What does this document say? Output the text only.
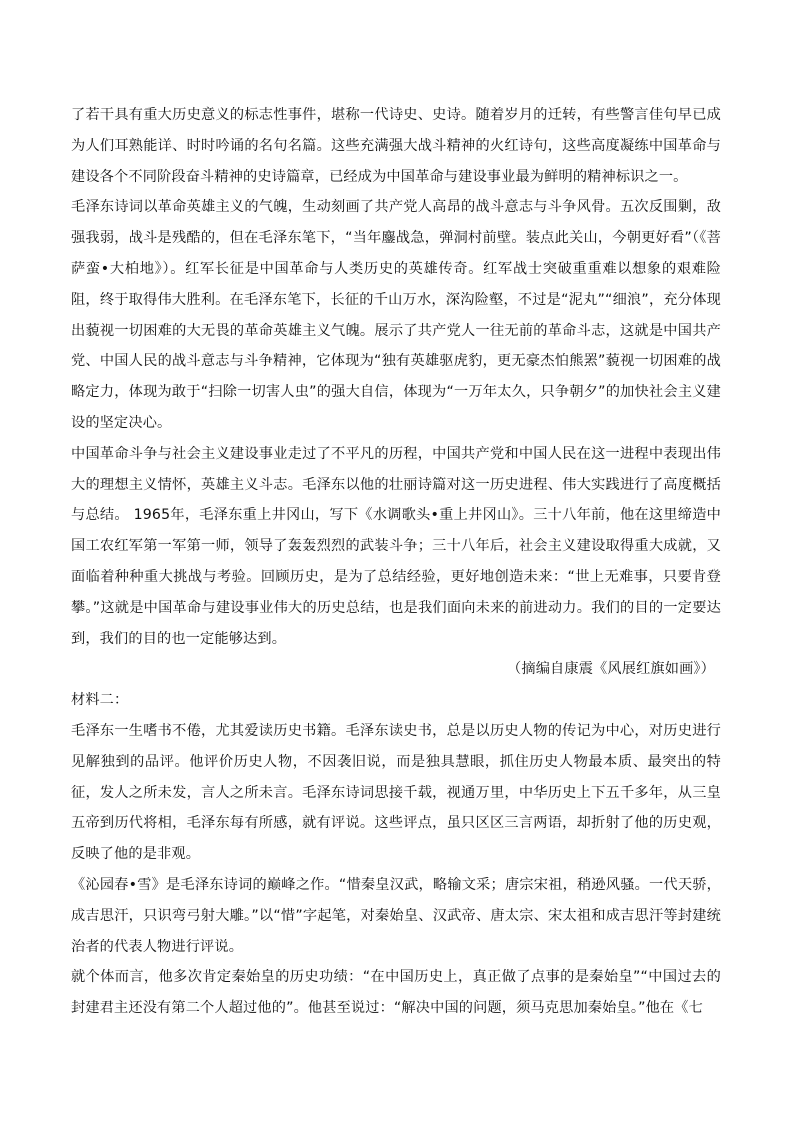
了若干具有重大历史意义的标志性事件，堪称一代诗史、史诗。随着岁月的迁转，有些警言佳句早已成为人们耳熟能详、时时吟诵的名句名篇。这些充满强大战斗精神的火红诗句，这些高度凝练中国革命与建设各个不同阶段奋斗精神的史诗篇章，已经成为中国革命与建设事业最为鲜明的精神标识之一。

毛泽东诗词以革命英雄主义的气魄，生动刻画了共产党人高昂的战斗意志与斗争风骨。五次反围剿，敌强我弱，战斗是残酷的，但在毛泽东笔下，“当年鏖战急，弹洞村前壁。装点此关山，今朝更好看”（《菩萨蛮•大柏地》）。红军长征是中国革命与人类历史的英雄传奇。红军战士突破重重难以想象的艰难险阻，终于取得伟大胜利。在毛泽东笔下，长征的千山万水，深沟险壑，不过是“泥丸”“细浪”，充分体现出藐视一切困难的大无畏的革命英雄主义气魄。展示了共产党人一往无前的革命斗志，这就是中国共产党、中国人民的战斗意志与斗争精神，它体现为“独有英雄驱虎豹，更无豪杰怕熊罴”藐视一切困难的战略定力，体现为敢于“扫除一切害人虫”的强大自信，体现为“一万年太久，只争朝夕”的加快社会主义建设的坚定决心。

中国革命斗争与社会主义建设事业走过了不平凡的历程，中国共产党和中国人民在这一进程中表现出伟大的理想主义情怀，英雄主义斗志。毛泽东以他的壮丽诗篇对这一历史进程、伟大实践进行了高度概括与总结。 1965年，毛泽东重上井冈山，写下《水调歌头•重上井冈山》。三十八年前，他在这里缔造中国工农红军第一军第一师，领导了轰轰烈烈的武装斗争；三十八年后，社会主义建设取得重大成就，又面临着种种重大挑战与考验。回顾历史，是为了总结经验，更好地创造未来：“世上无难事，只要肯登攀。”这就是中国革命与建设事业伟大的历史总结，也是我们面向未来的前进动力。我们的目的一定要达到，我们的目的也一定能够达到。

（摘编自康震《风展红旗如画》）

材料二：

毛泽东一生嗜书不倦，尤其爱读历史书籍。毛泽东读史书，总是以历史人物的传记为中心，对历史进行见解独到的品评。他评价历史人物，不因袭旧说，而是独具慧眼，抓住历史人物最本质、最突出的特征，发人之所未发，言人之所未言。毛泽东诗词思接千载，视通万里，中华历史上下五千多年，从三皇五帝到历代将相，毛泽东每有所感，就有评说。这些评点，虽只区区三言两语，却折射了他的历史观，反映了他的是非观。

《沁园春•雪》是毛泽东诗词的巅峰之作。“惜秦皇汉武，略输文采；唐宗宋祖，稍逊风骚。一代天骄，成吉思汗，只识弯弓射大雕。”以“惜”字起笔，对秦始皇、汉武帝、唐太宗、宋太祖和成吉思汗等封建统治者的代表人物进行评说。

就个体而言，他多次肯定秦始皇的历史功绩：“在中国历史上，真正做了点事的是秦始皇”“中国过去的封建君主还没有第二个人超过他的”。他甚至说过：“解决中国的问题，须马克思加秦始皇。”他在《七
